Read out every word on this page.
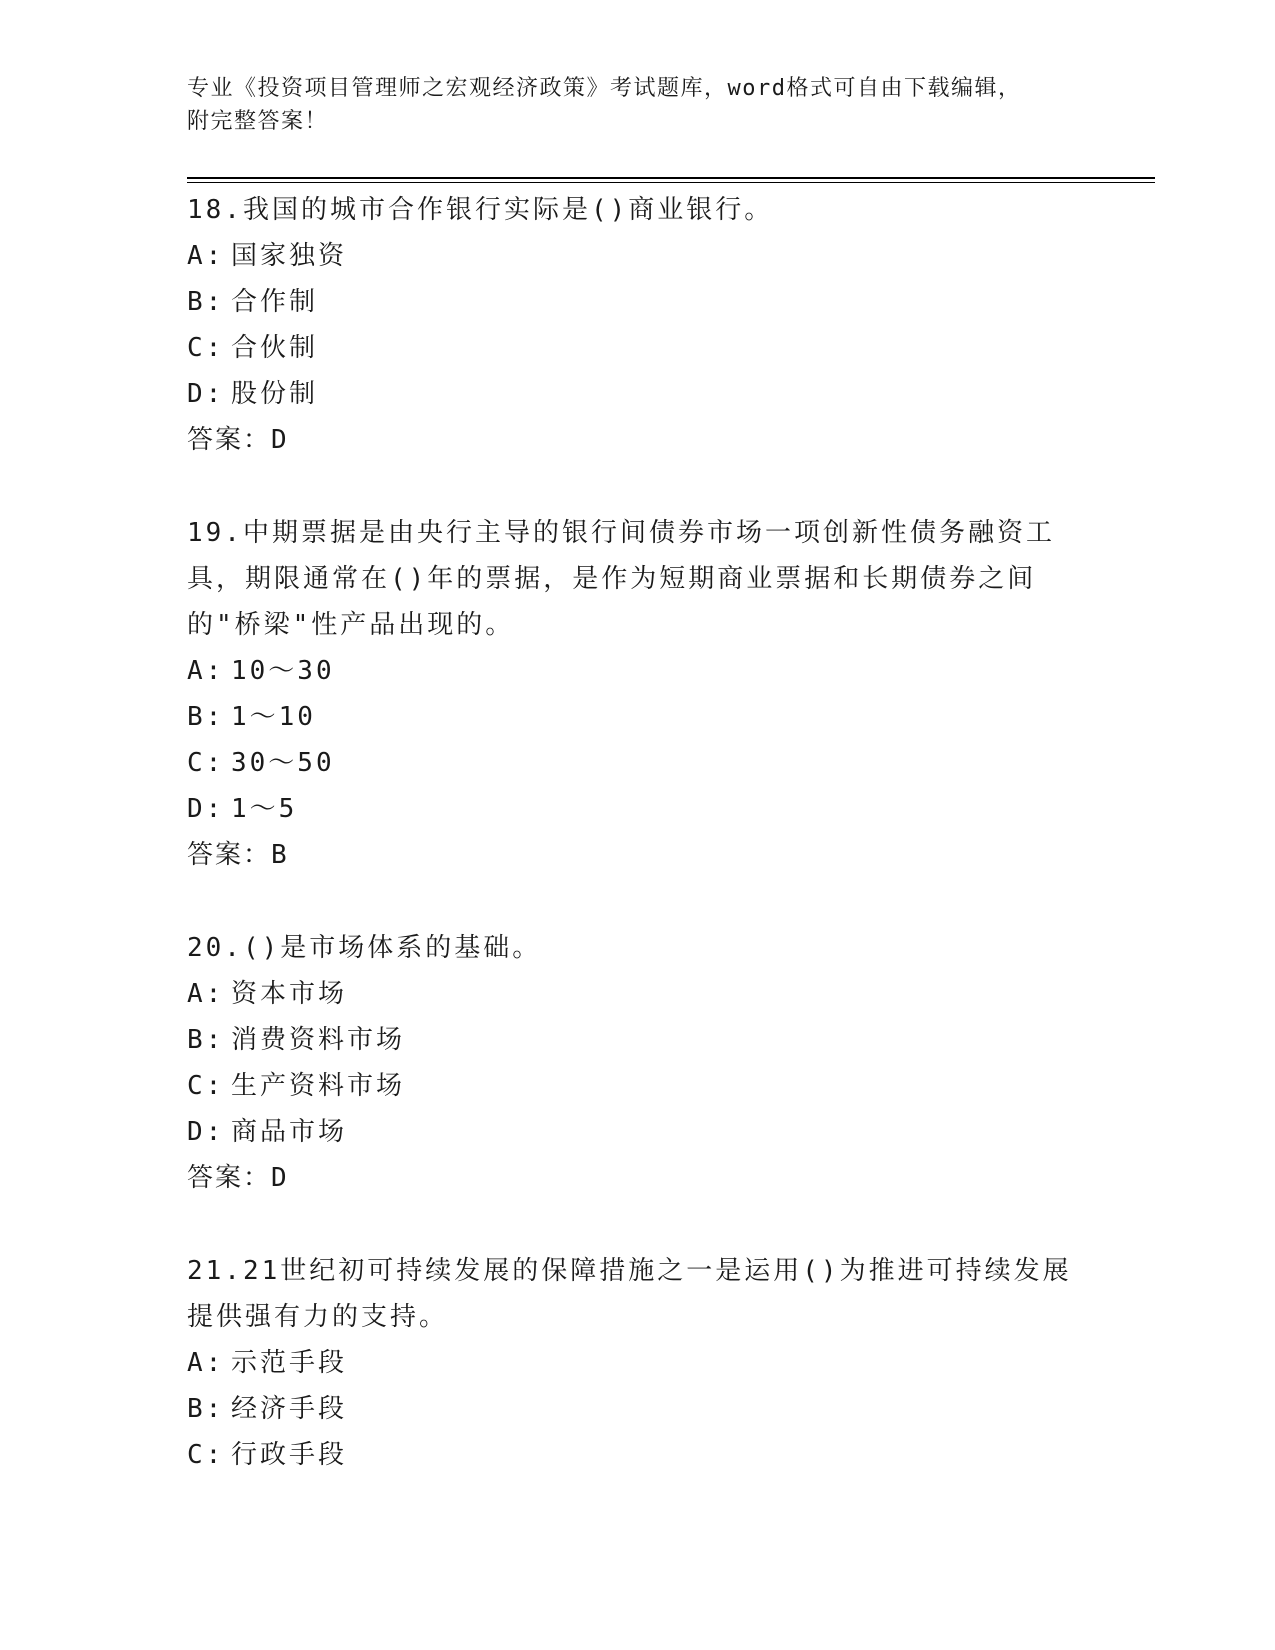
专业《投资项目管理师之宏观经济政策》考试题库，word格式可自由下载编辑，
附完整答案！

18.我国的城市合作银行实际是()商业银行。

A: 国家独资

B: 合作制

C: 合伙制

D: 股份制

答案：D

19.中期票据是由央行主导的银行间债券市场一项创新性债务融资工具，期限通常在()年的票据，是作为短期商业票据和长期债券之间的"桥梁"性产品出现的。

A: 10～30

B: 1～10

C: 30～50

D: 1～5

答案：B

20.()是市场体系的基础。

A: 资本市场

B: 消费资料市场

C: 生产资料市场

D: 商品市场

答案：D

21.21世纪初可持续发展的保障措施之一是运用()为推进可持续发展提供强有力的支持。

A: 示范手段

B: 经济手段

C: 行政手段
